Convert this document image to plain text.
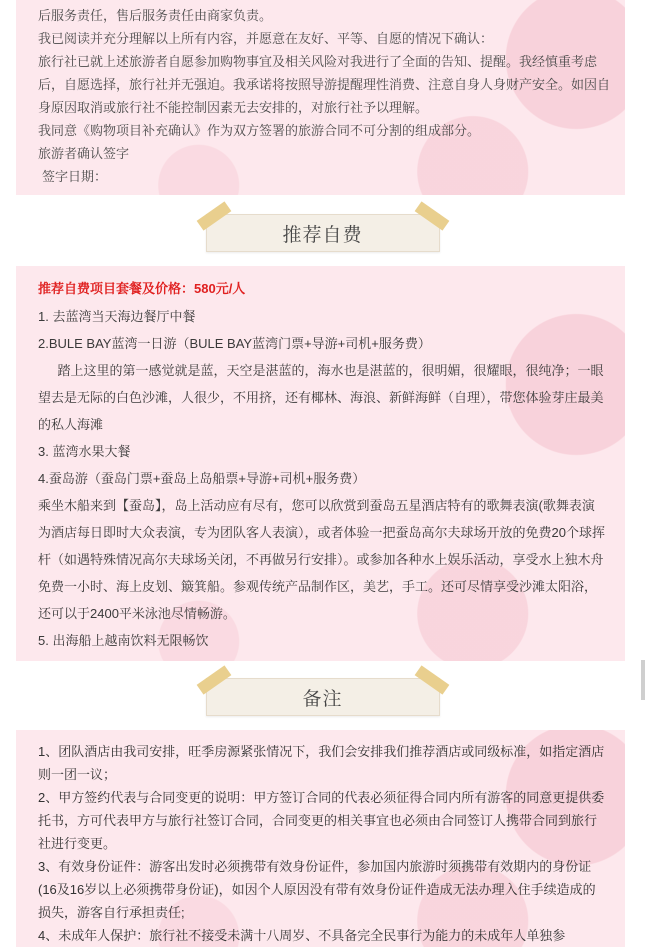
后服务责任，售后服务责任由商家负责。

我已阅读并充分理解以上所有内容，并愿意在友好、平等、自愿的情况下确认：

旅行社已就上述旅游者自愿参加购物事宜及相关风险对我进行了全面的告知、提醒。我经慎重考虑后，自愿选择，旅行社并无强迫。我承诺将按照导游提醒理性消费、注意自身人身财产安全。如因自身原因取消或旅行社不能控制因素无去安排的，对旅行社予以理解。

我同意《购物项目补充确认》作为双方签署的旅游合同不可分割的组成部分。

旅游者确认签字

签字日期：

推荐自费

推荐自费项目套餐及价格：580元/人

1. 去蓝湾当天海边餐厅中餐

2.BULE BAY蓝湾一日游（BULE BAY蓝湾门票+导游+司机+服务费）

踏上这里的第一感觉就是蓝，天空是湛蓝的，海水也是湛蓝的，很明媚，很耀眼，很纯净；一眼望去是无际的白色沙滩，人很少，不用挤，还有椰林、海浪、新鲜海鲜（自理），带您体验芽庄最美的私人海滩

3. 蓝湾水果大餐

4.蚕岛游（蚕岛门票+蚕岛上岛船票+导游+司机+服务费）

乘坐木船来到【蚕岛】，岛上活动应有尽有，您可以欣赏到蚕岛五星酒店特有的歌舞表演(歌舞表演为酒店每日即时大众表演，专为团队客人表演），或者体验一把蚕岛高尔夫球场开放的免费20个球挥杆（如遇特殊情况高尔夫球场关闭，不再做另行安排）。或参加各种水上娱乐活动，享受水上独木舟免费一小时、海上皮划、簸箕船。参观传统产品制作区，美艺，手工。还可尽情享受沙滩太阳浴，还可以于2400平米泳池尽情畅游。

5. 出海船上越南饮料无限畅饮

备注

1、团队酒店由我司安排，旺季房源紧张情况下，我们会安排我们推荐酒店或同级标准，如指定酒店则一团一议；

2、甲方签约代表与合同变更的说明：甲方签订合同的代表必须征得合同内所有游客的同意更提供委托书，方可代表甲方与旅行社签订合同，合同变更的相关事宜也必须由合同签订人携带合同到旅行社进行变更。

3、有效身份证件：游客出发时必须携带有效身份证件，参加国内旅游时须携带有效期内的身份证(16及16岁以上必须携带身份证)，如因个人原因没有带有效身份证件造成无法办理入住手续造成的损失，游客自行承担责任;

4、未成年人保护：旅行社不接受未满十八周岁、不具备完全民事行为能力的未成年人单独参
